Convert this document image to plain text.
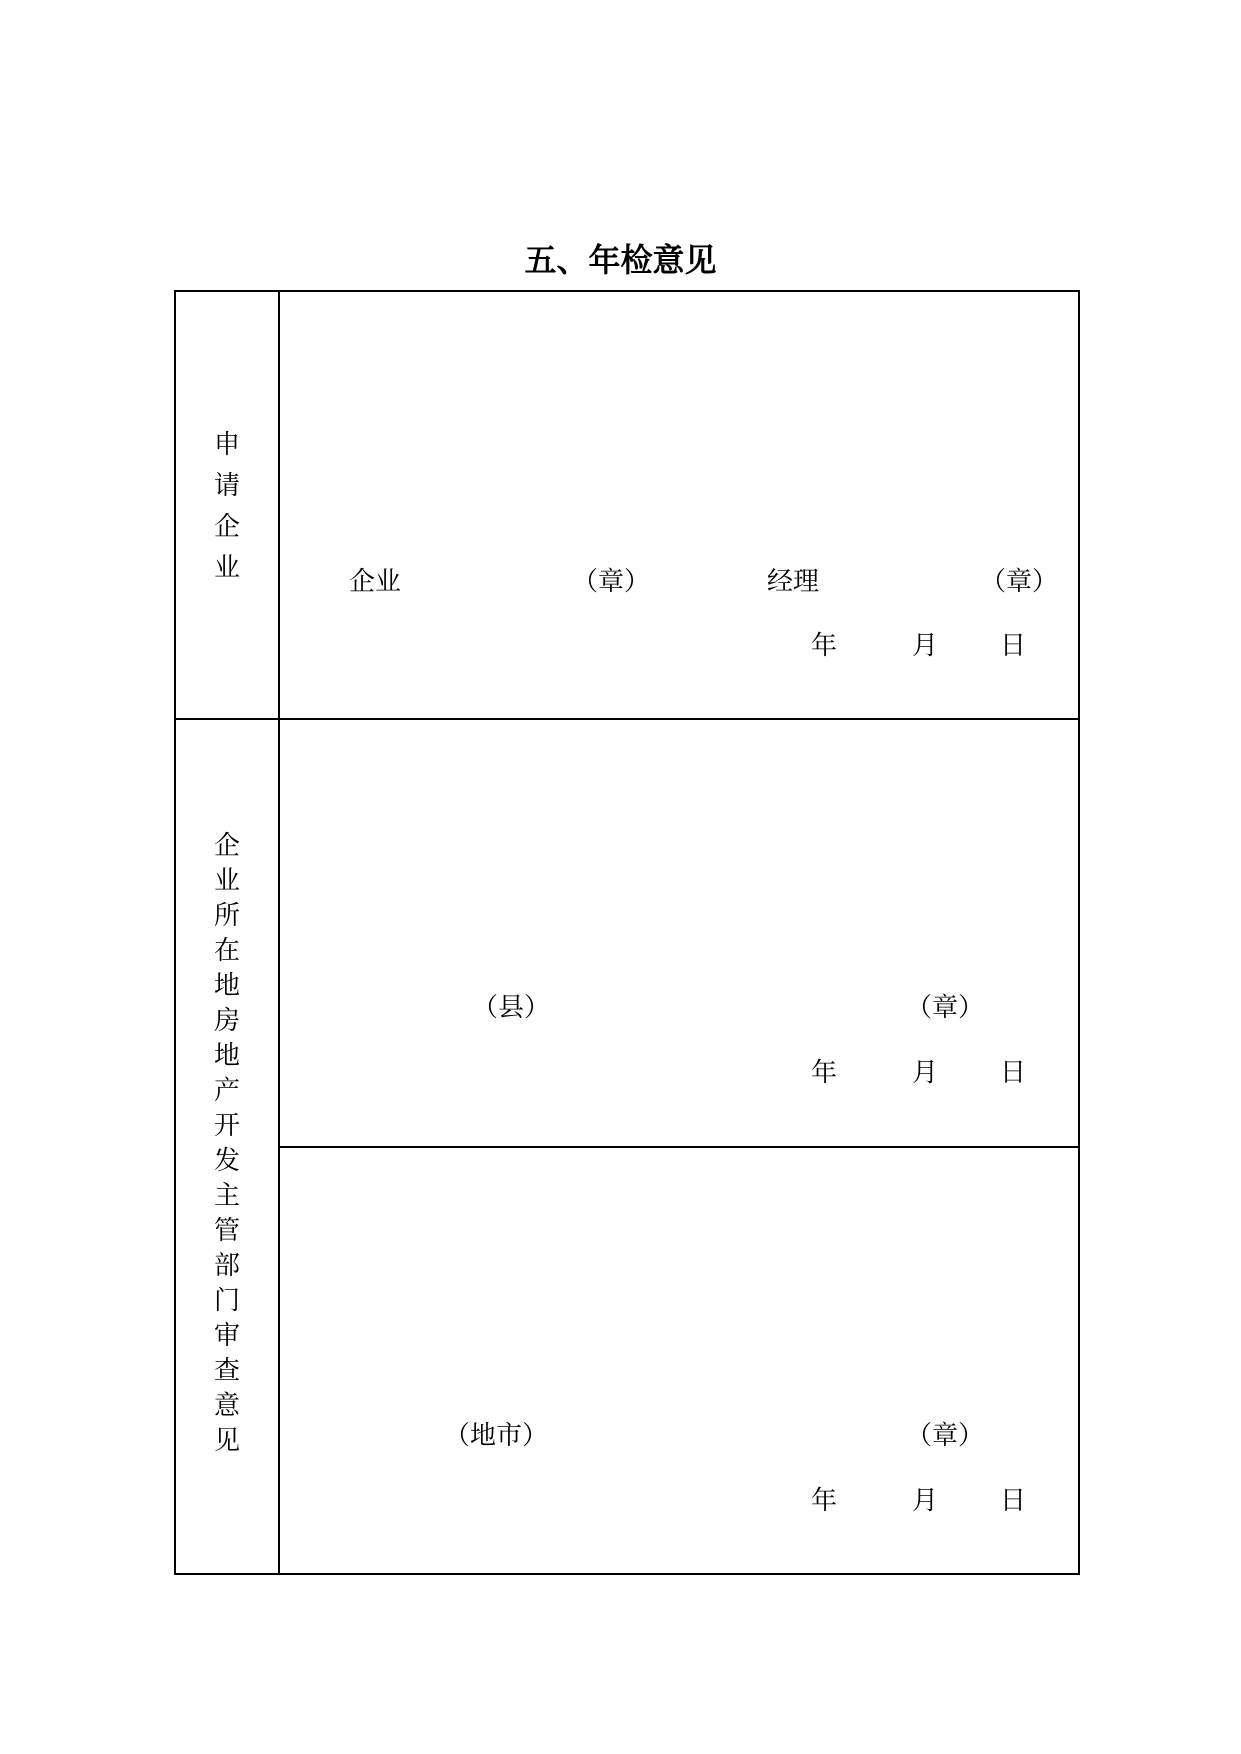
五、年检意见
申请企业	企业	（章）	经理	（章）
年	月 日
企业所在地房地产开发主管部门审查意见
（县）	（章）
年	月 日
（地市）	（章）
年	月 日
